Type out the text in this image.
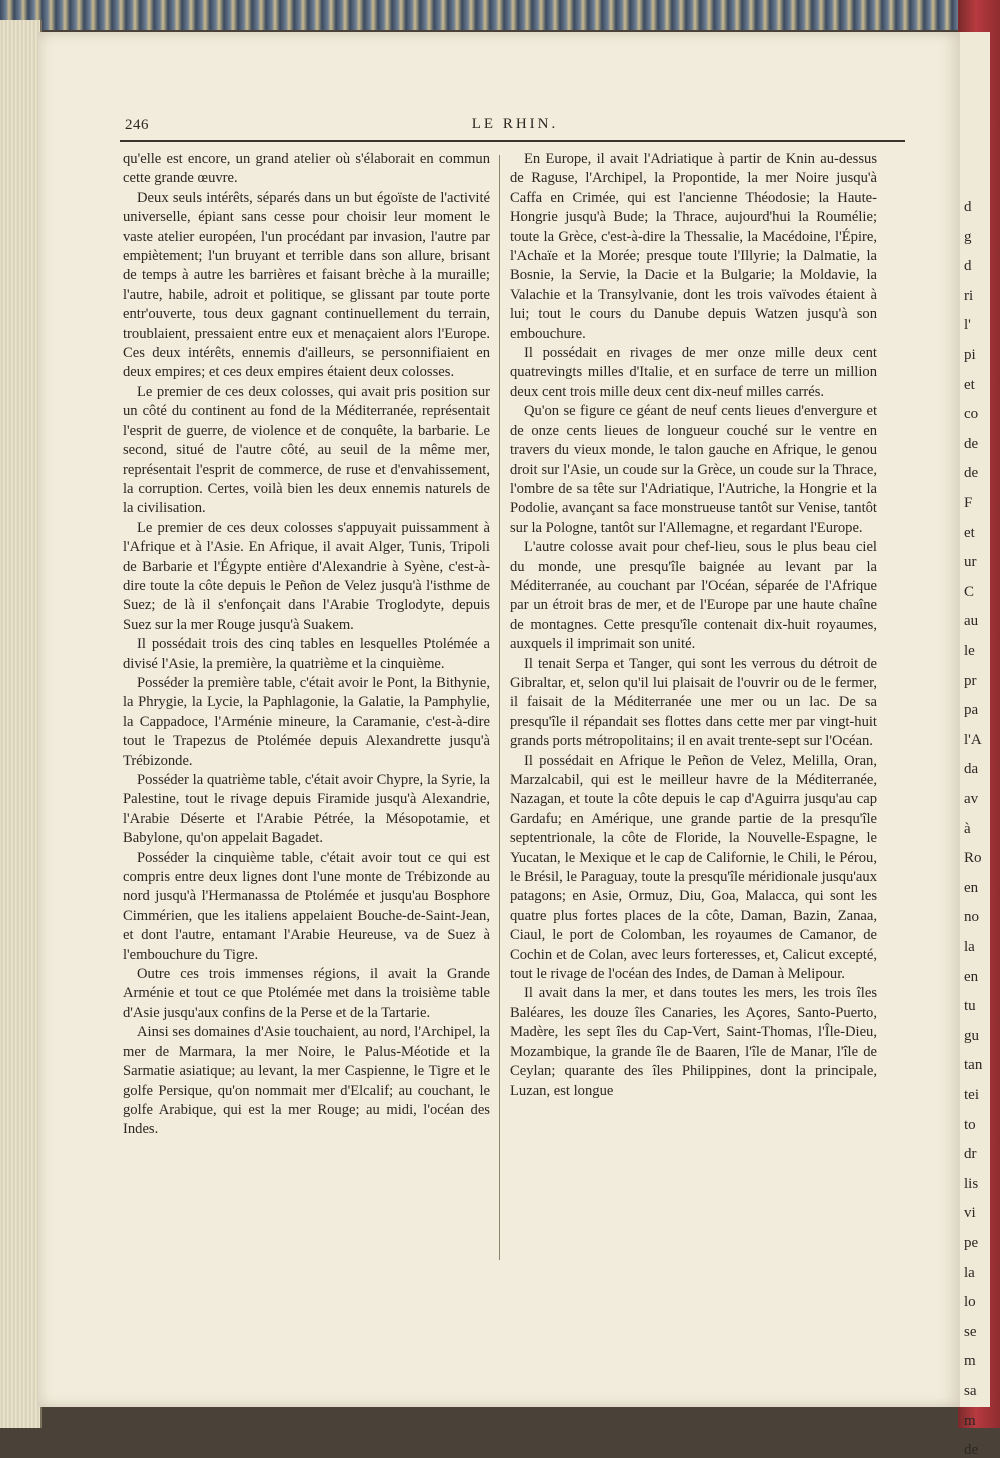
d
g
d
ri
l'
pi
et
co
de
de
F
et
ur
C
au
le
pr
pa
l'A
da
av
à
Ro
en
no
la
en
tu
gu
tan
tei
to
dr
lis
vi
pe
la
lo
se
m
sa
m
de
246	LE RHIN.

qu'elle est encore, un grand atelier où s'élaborait en commun cette grande œuvre.

Deux seuls intérêts, séparés dans un but égoïste de l'activité universelle, épiant sans cesse pour choisir leur moment le vaste atelier européen, l'un procédant par invasion, l'autre par empiètement; l'un bruyant et terrible dans son allure, brisant de temps à autre les barrières et faisant brèche à la muraille; l'autre, habile, adroit et politique, se glissant par toute porte entr'ouverte, tous deux gagnant continuellement du terrain, troublaient, pressaient entre eux et menaçaient alors l'Europe. Ces deux intérêts, ennemis d'ailleurs, se personnifiaient en deux empires; et ces deux empires étaient deux colosses.

Le premier de ces deux colosses, qui avait pris position sur un côté du continent au fond de la Méditerranée, représentait l'esprit de guerre, de violence et de conquête, la barbarie. Le second, situé de l'autre côté, au seuil de la même mer, représentait l'esprit de commerce, de ruse et d'envahissement, la corruption. Certes, voilà bien les deux ennemis naturels de la civilisation.

Le premier de ces deux colosses s'appuyait puissamment à l'Afrique et à l'Asie. En Afrique, il avait Alger, Tunis, Tripoli de Barbarie et l'Égypte entière d'Alexandrie à Syène, c'est-à-dire toute la côte depuis le Peñon de Velez jusqu'à l'isthme de Suez; de là il s'enfonçait dans l'Arabie Troglodyte, depuis Suez sur la mer Rouge jusqu'à Suakem.

Il possédait trois des cinq tables en lesquelles Ptolémée a divisé l'Asie, la première, la quatrième et la cinquième.

Posséder la première table, c'était avoir le Pont, la Bithynie, la Phrygie, la Lycie, la Paphlagonie, la Galatie, la Pamphylie, la Cappadoce, l'Arménie mineure, la Caramanie, c'est-à-dire tout le Trapezus de Ptolémée depuis Alexandrette jusqu'à Trébizonde.

Posséder la quatrième table, c'était avoir Chypre, la Syrie, la Palestine, tout le rivage depuis Firamide jusqu'à Alexandrie, l'Arabie Déserte et l'Arabie Pétrée, la Mésopotamie, et Babylone, qu'on appelait Bagadet.

Posséder la cinquième table, c'était avoir tout ce qui est compris entre deux lignes dont l'une monte de Trébizonde au nord jusqu'à l'Hermanassa de Ptolémée et jusqu'au Bosphore Cimmérien, que les italiens appelaient Bouche-de-Saint-Jean, et dont l'autre, entamant l'Arabie Heureuse, va de Suez à l'embouchure du Tigre.

Outre ces trois immenses régions, il avait la Grande Arménie et tout ce que Ptolémée met dans la troisième table d'Asie jusqu'aux confins de la Perse et de la Tartarie.

Ainsi ses domaines d'Asie touchaient, au nord, l'Archipel, la mer de Marmara, la mer Noire, le Palus-Méotide et la Sarmatie asiatique; au levant, la mer Caspienne, le Tigre et le golfe Persique, qu'on nommait mer d'Elcalif; au couchant, le golfe Arabique, qui est la mer Rouge; au midi, l'océan des Indes.

En Europe, il avait l'Adriatique à partir de Knin au-dessus de Raguse, l'Archipel, la Propontide, la mer Noire jusqu'à Caffa en Crimée, qui est l'ancienne Théodosie; la Haute-Hongrie jusqu'à Bude; la Thrace, aujourd'hui la Roumélie; toute la Grèce, c'est-à-dire la Thessalie, la Macédoine, l'Épire, l'Achaïe et la Morée; presque toute l'Illyrie; la Dalmatie, la Bosnie, la Servie, la Dacie et la Bulgarie; la Moldavie, la Valachie et la Transylvanie, dont les trois vaïvodes étaient à lui; tout le cours du Danube depuis Watzen jusqu'à son embouchure.

Il possédait en rivages de mer onze mille deux cent quatrevingts milles d'Italie, et en surface de terre un million deux cent trois mille deux cent dix-neuf milles carrés.

Qu'on se figure ce géant de neuf cents lieues d'envergure et de onze cents lieues de longueur couché sur le ventre en travers du vieux monde, le talon gauche en Afrique, le genou droit sur l'Asie, un coude sur la Grèce, un coude sur la Thrace, l'ombre de sa tête sur l'Adriatique, l'Autriche, la Hongrie et la Podolie, avançant sa face monstrueuse tantôt sur Venise, tantôt sur la Pologne, tantôt sur l'Allemagne, et regardant l'Europe.

L'autre colosse avait pour chef-lieu, sous le plus beau ciel du monde, une presqu'île baignée au levant par la Méditerranée, au couchant par l'Océan, séparée de l'Afrique par un étroit bras de mer, et de l'Europe par une haute chaîne de montagnes. Cette presqu'île contenait dix-huit royaumes, auxquels il imprimait son unité.

Il tenait Serpa et Tanger, qui sont les verrous du détroit de Gibraltar, et, selon qu'il lui plaisait de l'ouvrir ou de le fermer, il faisait de la Méditerranée une mer ou un lac. De sa presqu'île il répandait ses flottes dans cette mer par vingt-huit grands ports métropolitains; il en avait trente-sept sur l'Océan.

Il possédait en Afrique le Peñon de Velez, Melilla, Oran, Marzalcabil, qui est le meilleur havre de la Méditerranée, Nazagan, et toute la côte depuis le cap d'Aguirra jusqu'au cap Gardafu; en Amérique, une grande partie de la presqu'île septentrionale, la côte de Floride, la Nouvelle-Espagne, le Yucatan, le Mexique et le cap de Californie, le Chili, le Pérou, le Brésil, le Paraguay, toute la presqu'île méridionale jusqu'aux patagons; en Asie, Ormuz, Diu, Goa, Malacca, qui sont les quatre plus fortes places de la côte, Daman, Bazin, Zanaa, Ciaul, le port de Colomban, les royaumes de Camanor, de Cochin et de Colan, avec leurs forteresses, et, Calicut excepté, tout le rivage de l'océan des Indes, de Daman à Melipour.

Il avait dans la mer, et dans toutes les mers, les trois îles Baléares, les douze îles Canaries, les Açores, Santo-Puerto, Madère, les sept îles du Cap-Vert, Saint-Thomas, l'Île-Dieu, Mozambique, la grande île de Baaren, l'île de Manar, l'île de Ceylan; quarante des îles Philippines, dont la principale, Luzan, est longue
